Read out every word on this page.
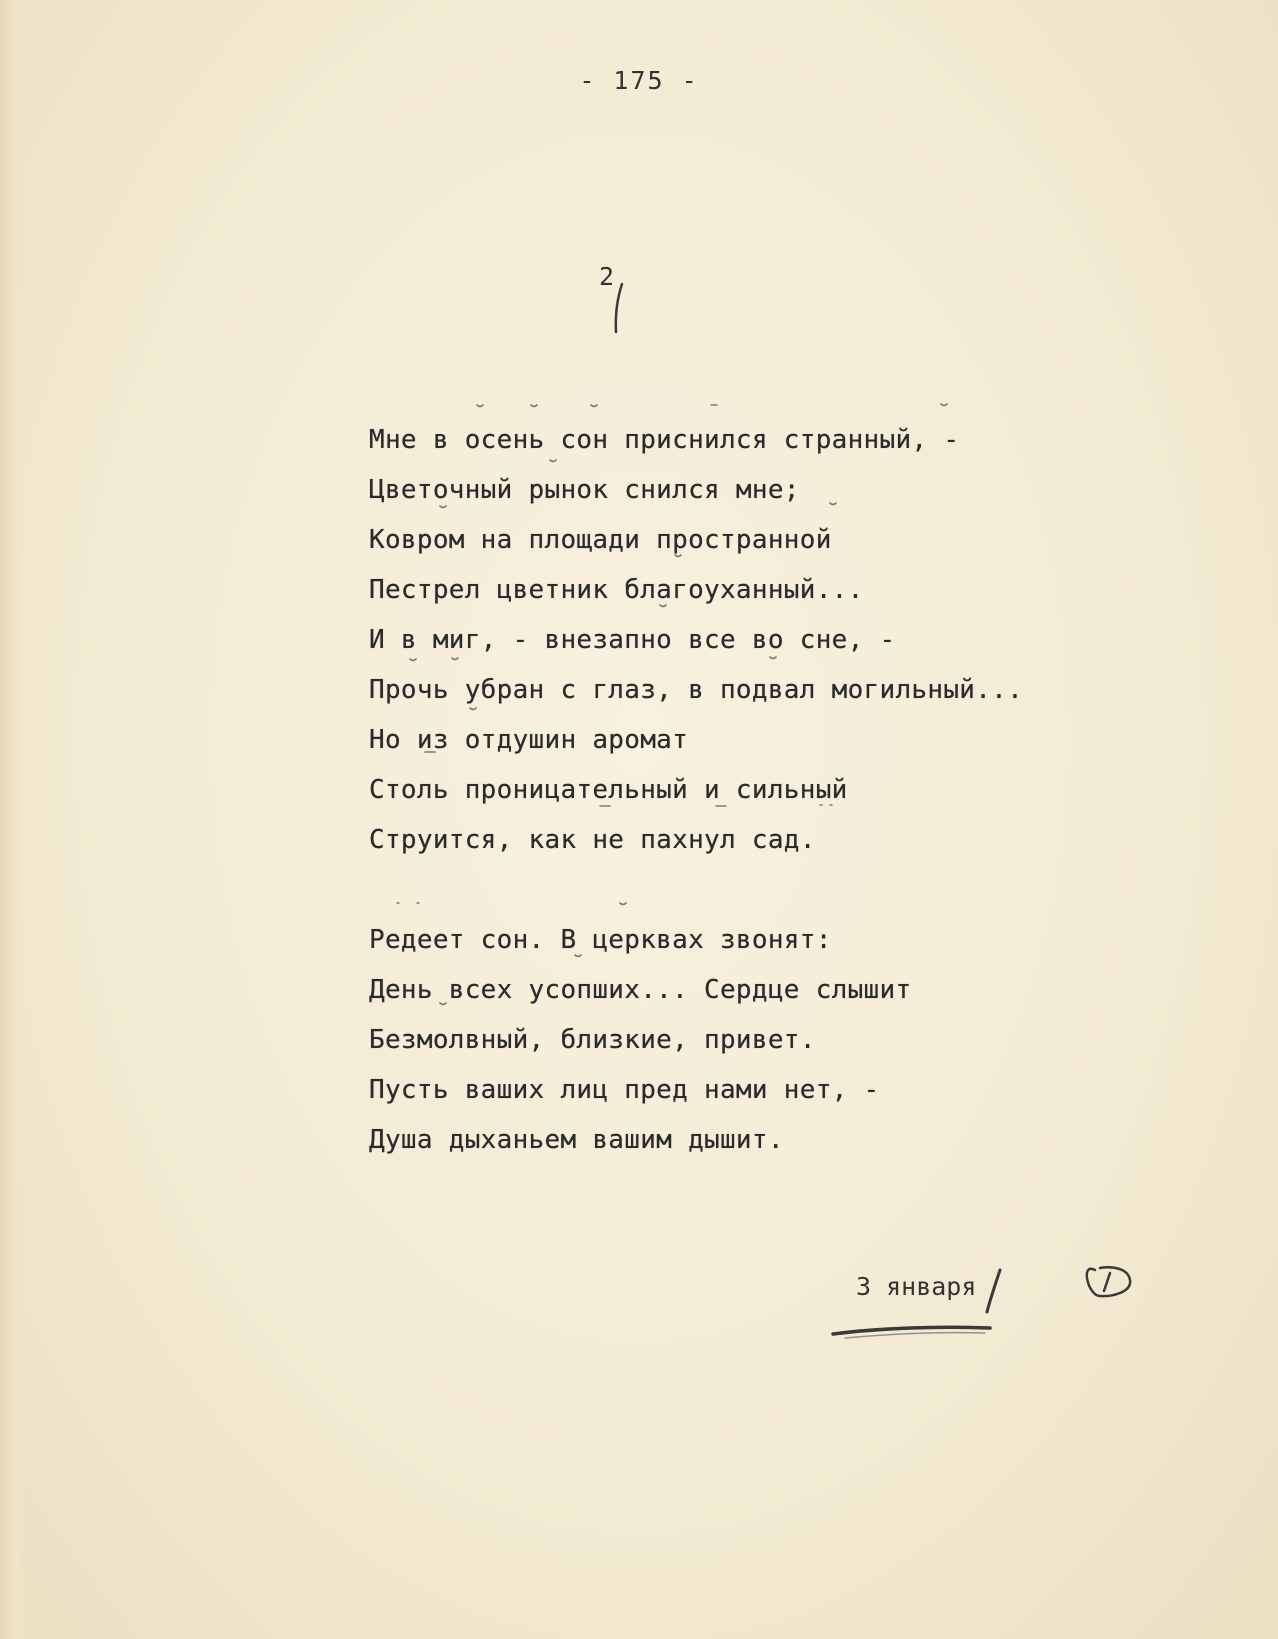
- 175 -
2
Мне в осень сон приснился странный, -
Цветочный рынок снился мне;
Ковром на площади пространной
Пестрел цветник благоуханный...
И в миг, - внезапно все во сне, -
Прочь убран с глаз, в подвал могильный...
Но из отдушин аромат
Столь проницательный и сильный
Струится, как не пахнул сад.
Редеет сон. В церквах звонят:
День всех усопших... Сердце слышит
Безмолвный, близкие, привет.
Пусть ваших лиц пред нами нет, -
Душа дыханьем вашим дышит.
3 января
